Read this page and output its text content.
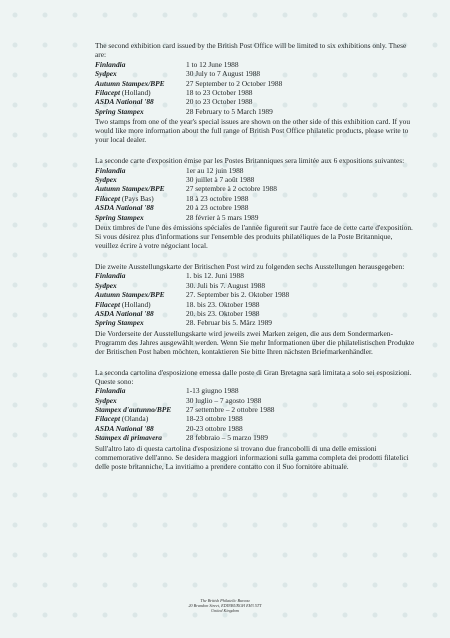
The second exhibition card issued by the British Post Office will be limited to six exhibitions only. These are:

Finlandia	1 to 12 June 1988
Sydpex	30 July to 7 August 1988
Autumn Stampex/BPE	27 September to 2 October 1988
Filacept (Holland)	18 to 23 October 1988
ASDA National '88	20 to 23 October 1988
Spring Stampex	28 February to 5 March 1989

Two stamps from one of the year's special issues are shown on the other side of this exhibition card. If you would like more information about the full range of British Post Office philatelic products, please write to your local dealer.

La seconde carte d'exposition émise par les Postes Britanniques sera limitée aux 6 expositions suivantes:

Finlandia	1er au 12 juin 1988
Sydpex	30 juillet à 7 août 1988
Autumn Stampex/BPE	27 septembre à 2 octobre 1988
Filacept (Pays Bas)	18 à 23 octobre 1988
ASDA National '88	20 à 23 octobre 1988
Spring Stampex	28 février à 5 mars 1989

Deux timbres de l'une des émissions spéciales de l'année figurent sur l'autre face de cette carte d'exposition. Si vous désirez plus d'informations sur l'ensemble des produits philatéliques de la Poste Britannique, veuillez écrire à votre négociant local.

Die zweite Ausstellungskarte der Britischen Post wird zu folgenden sechs Ausstellungen herausgegeben:

Finlandia	1. bis 12. Juni 1988
Sydpex	30. Juli bis 7. August 1988
Autumn Stampex/BPE	27. September bis 2. Oktober 1988
Filacept (Holland)	18. bis 23. Oktober 1988
ASDA National '88	20. bis 23. Oktober 1988
Spring Stampex	28. Februar bis 5. März 1989

Die Vorderseite der Ausstellungskarte wird jeweils zwei Marken zeigen, die aus dem Sondermarken-Programm des Jahres ausgewählt werden. Wenn Sie mehr Informationen über die philatelistischen Produkte der Britischen Post haben möchten, kontaktieren Sie bitte Ihren nächsten Briefmarkenhändler.

La seconda cartolina d'esposizione emessa dalle poste di Gran Bretagna sarà limitata a solo sei esposizioni. Queste sono:

Finlandia	1-13 giugno 1988
Sydpex	30 luglio – 7 agosto 1988
Stampex d'autunno/BPE	27 settembre – 2 ottobre 1988
Filacept (Olanda)	18-23 ottobre 1988
ASDA National '88	20-23 ottobre 1988
Stampex di primavera	28 febbraio – 5 marzo 1989

Sull'altro lato di questa cartolina d'esposizione si trovano due francobolli di una delle emissioni commemorative dell'anno. Se desidera maggiori informazioni sulla gamma completa dei prodotti filatelici delle poste britanniche, La invitiamo a prendere contatto con il Suo fornitore abituale.

The British Philatelic Bureau
20 Brandon Street, EDINBURGH EH3 5TT
United Kingdom
